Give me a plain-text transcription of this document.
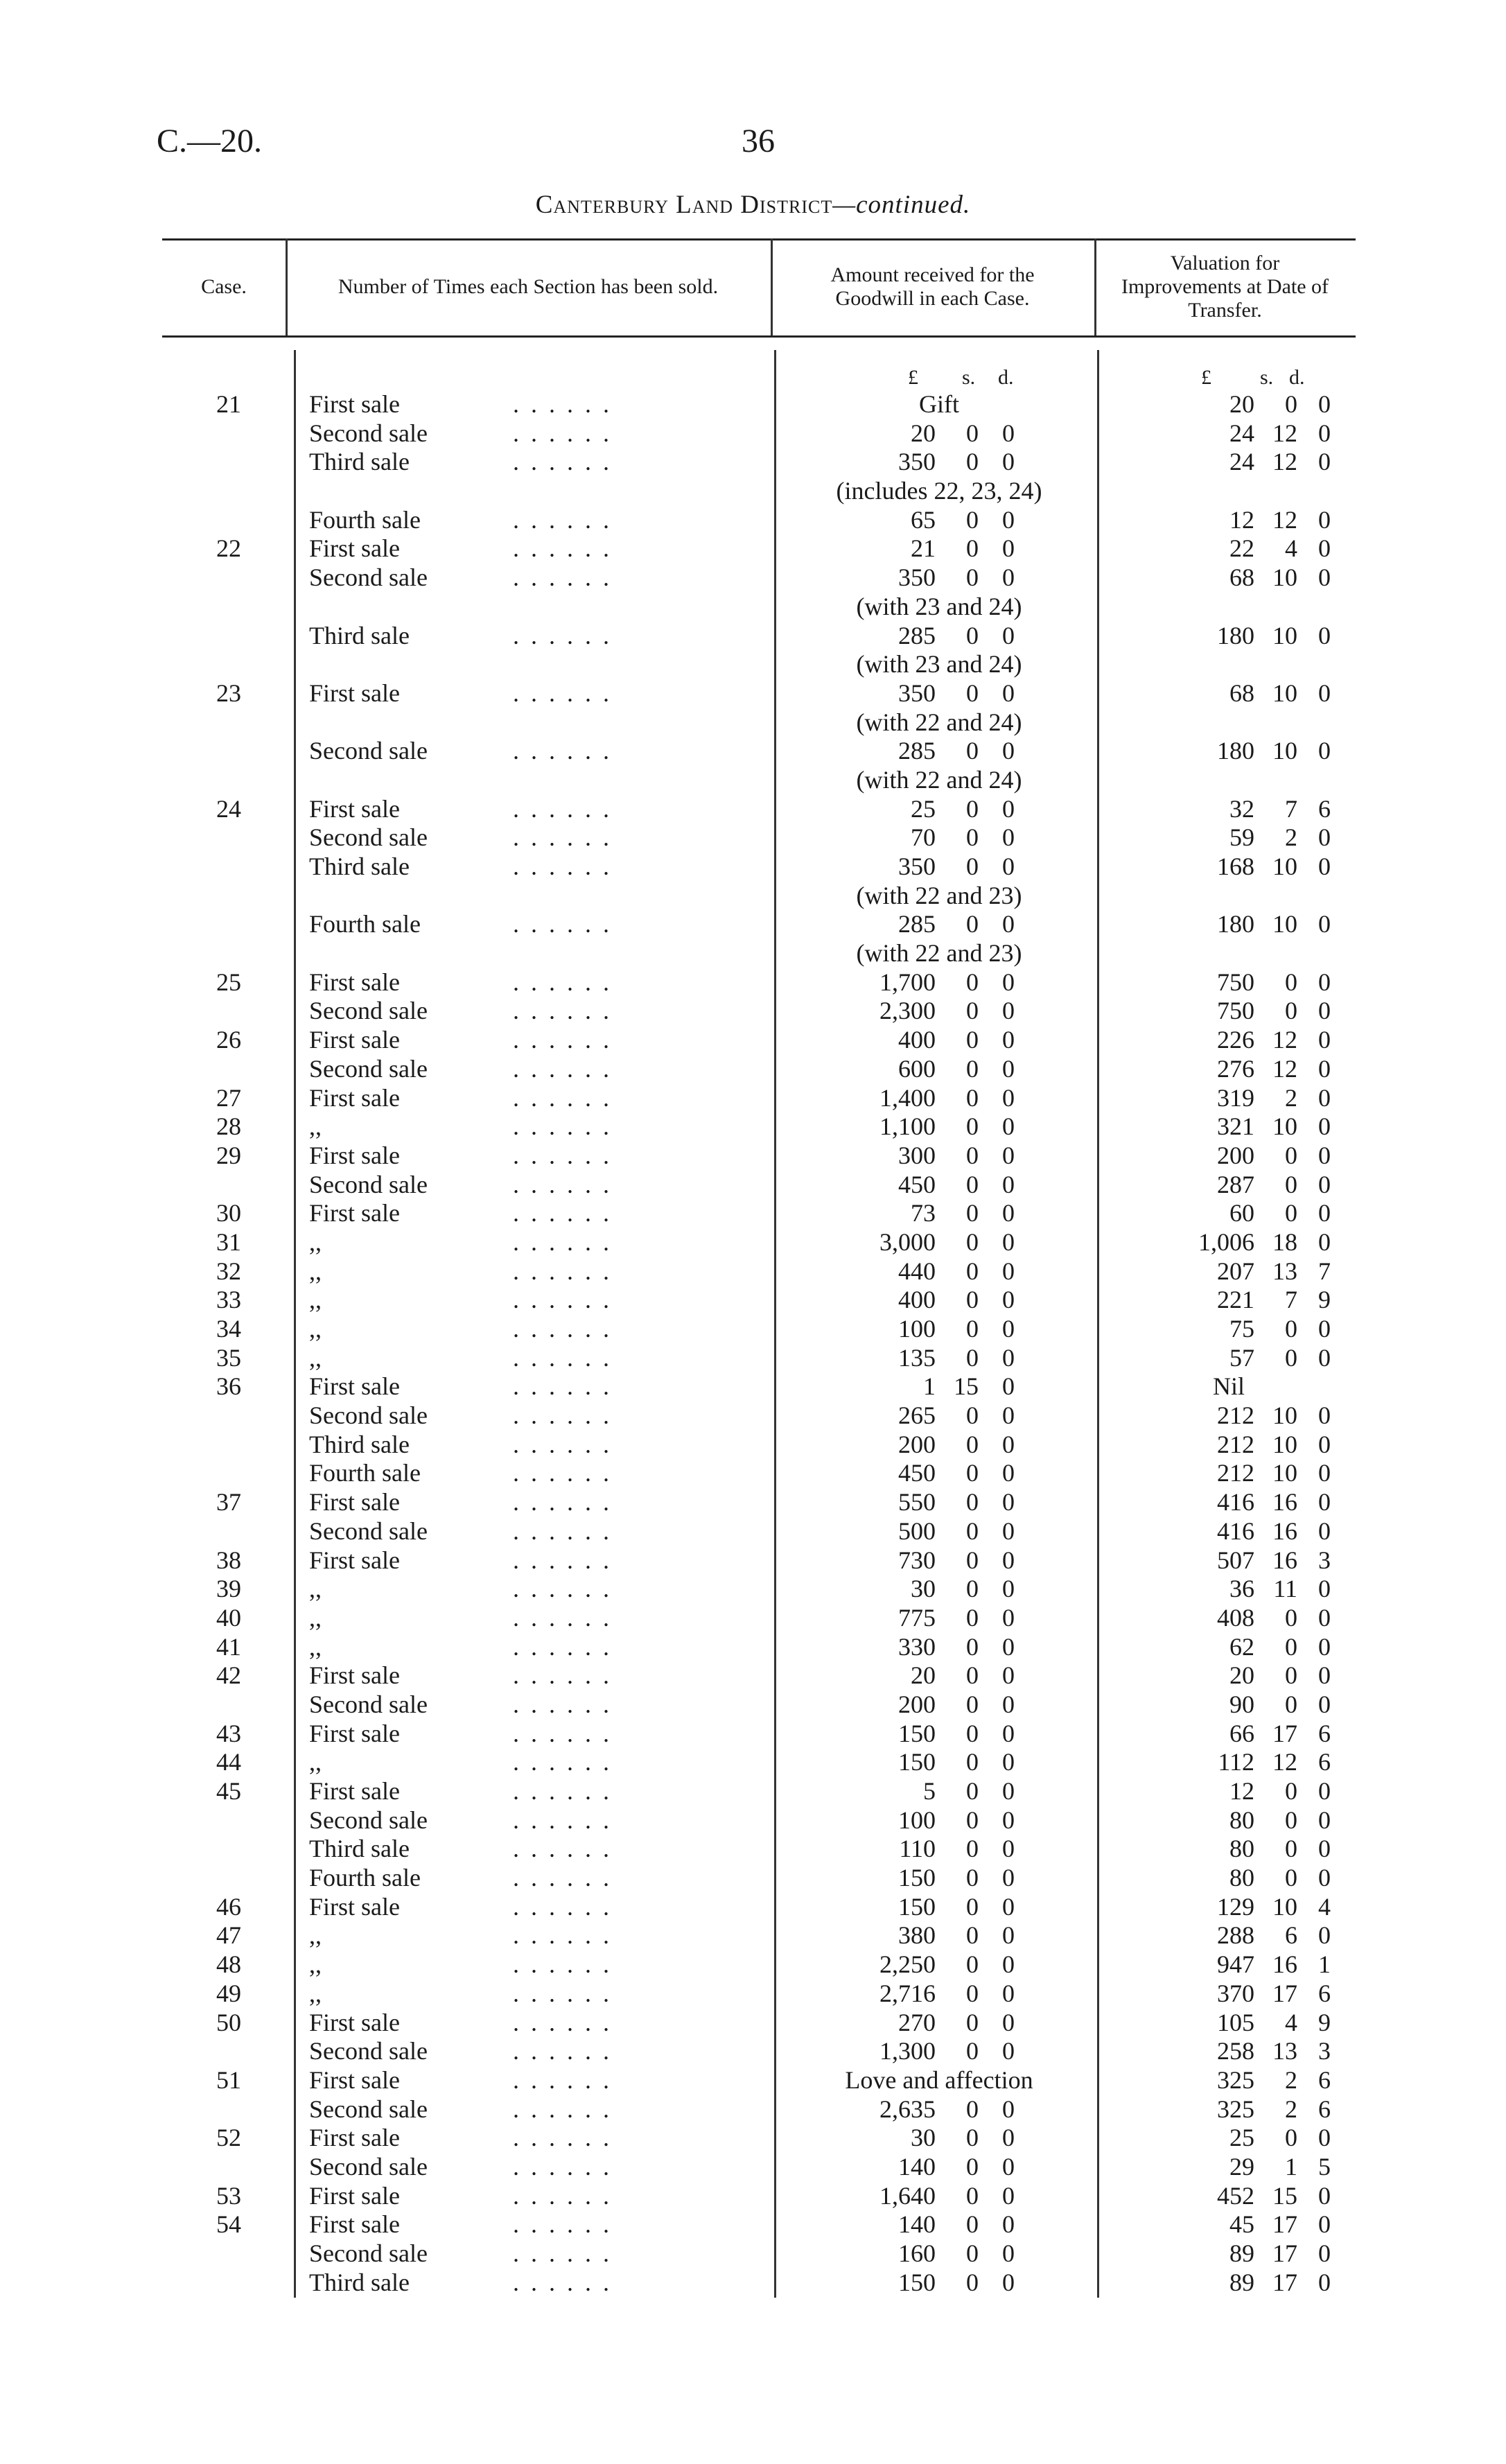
C.—20.	36
Canterbury Land District—continued.
Case.	Number of Times each Section has been sold.
Amount received for the Goodwill in each Case.
Valuation for Improvements at Date of Transfer.
£ s. d.	£ s. d.
21	First sale	. . . . . .	Gift	20	0 0
Second sale	. . . . . .	20	0 0	24 12 0
Third sale	. . . . . .	350	0 0	24 12 0
(includes 22, 23, 24)
Fourth sale	. . . . . .	65	0 0	12 12 0
22	First sale	. . . . . .	21	0 0	22	4 0
Second sale	. . . . . .	350	0 0	68 10 0
(with 23 and 24)
Third sale	. . . . . .	285	0 0	180 10 0
(with 23 and 24)
23	First sale	. . . . . .	350	0 0	68 10 0
(with 22 and 24)
Second sale	. . . . . .	285	0 0	180 10 0
(with 22 and 24)
24	First sale	. . . . . .	25	0 0	32	7 6
Second sale	. . . . . .	70	0 0	59	2 0
Third sale	. . . . . .	350	0 0	168 10 0
(with 22 and 23)
Fourth sale	. . . . . .	285	0 0	180 10 0
(with 22 and 23)
25	First sale	. . . . . .	1,700	0 0	750	0 0
Second sale	. . . . . .	2,300	0 0	750	0 0
26	First sale	. . . . . .	400	0 0	226 12 0
Second sale	. . . . . .	600	0 0	276 12 0
27	First sale	. . . . . .	1,400	0 0	319	2 0
28	,,	. . . . . .	1,100	0 0	321 10 0
29	First sale	. . . . . .	300	0 0	200	0 0
Second sale	. . . . . .	450	0 0	287	0 0
30	First sale	. . . . . .	73	0 0	60	0 0
31	,,	. . . . . .	3,000	0 0	1,006 18 0
32	,,	. . . . . .	440	0 0	207 13 7
33	,,	. . . . . .	400	0 0	221	7 9
34	,,	. . . . . .	100	0 0	75	0 0
35	,,	. . . . . .	135	0 0	57	0 0
36	First sale	. . . . . .	1 15 0	Nil
Second sale	. . . . . .	265	0 0	212 10 0
Third sale	. . . . . .	200	0 0	212 10 0
Fourth sale	. . . . . .	450	0 0	212 10 0
37	First sale	. . . . . .	550	0 0	416 16 0
Second sale	. . . . . .	500	0 0	416 16 0
38	First sale	. . . . . .	730	0 0	507 16 3
39	,,	. . . . . .	30	0 0	36 11 0
40	,,	. . . . . .	775	0 0	408	0 0
41	,,	. . . . . .	330	0 0	62	0 0
42	First sale	. . . . . .	20	0 0	20	0 0
Second sale	. . . . . .	200	0 0	90	0 0
43	First sale	. . . . . .	150	0 0	66 17 6
44	,,	. . . . . .	150	0 0	112 12 6
45	First sale	. . . . . .	5	0 0	12	0 0
Second sale	. . . . . .	100	0 0	80	0 0
Third sale	. . . . . .	110	0 0	80	0 0
Fourth sale	. . . . . .	150	0 0	80	0 0
46	First sale	. . . . . .	150	0 0	129 10 4
47	,,	. . . . . .	380	0 0	288	6 0
48	,,	. . . . . .	2,250	0 0	947 16 1
49	,,	. . . . . .	2,716	0 0	370 17 6
50	First sale	. . . . . .	270	0 0	105	4 9
Second sale	. . . . . .	1,300	0 0	258 13 3
51	First sale	. . . . . .	Love and affection	325	2 6
Second sale	. . . . . .	2,635	0 0	325	2 6
52	First sale	. . . . . .	30	0 0	25	0 0
Second sale	. . . . . .	140	0 0	29	1 5
53	First sale	. . . . . .	1,640	0 0	452 15 0
54	First sale	. . . . . .	140	0 0	45 17 0
Second sale	. . . . . .	160	0 0	89 17 0
Third sale	. . . . . .	150	0 0	89 17 0
